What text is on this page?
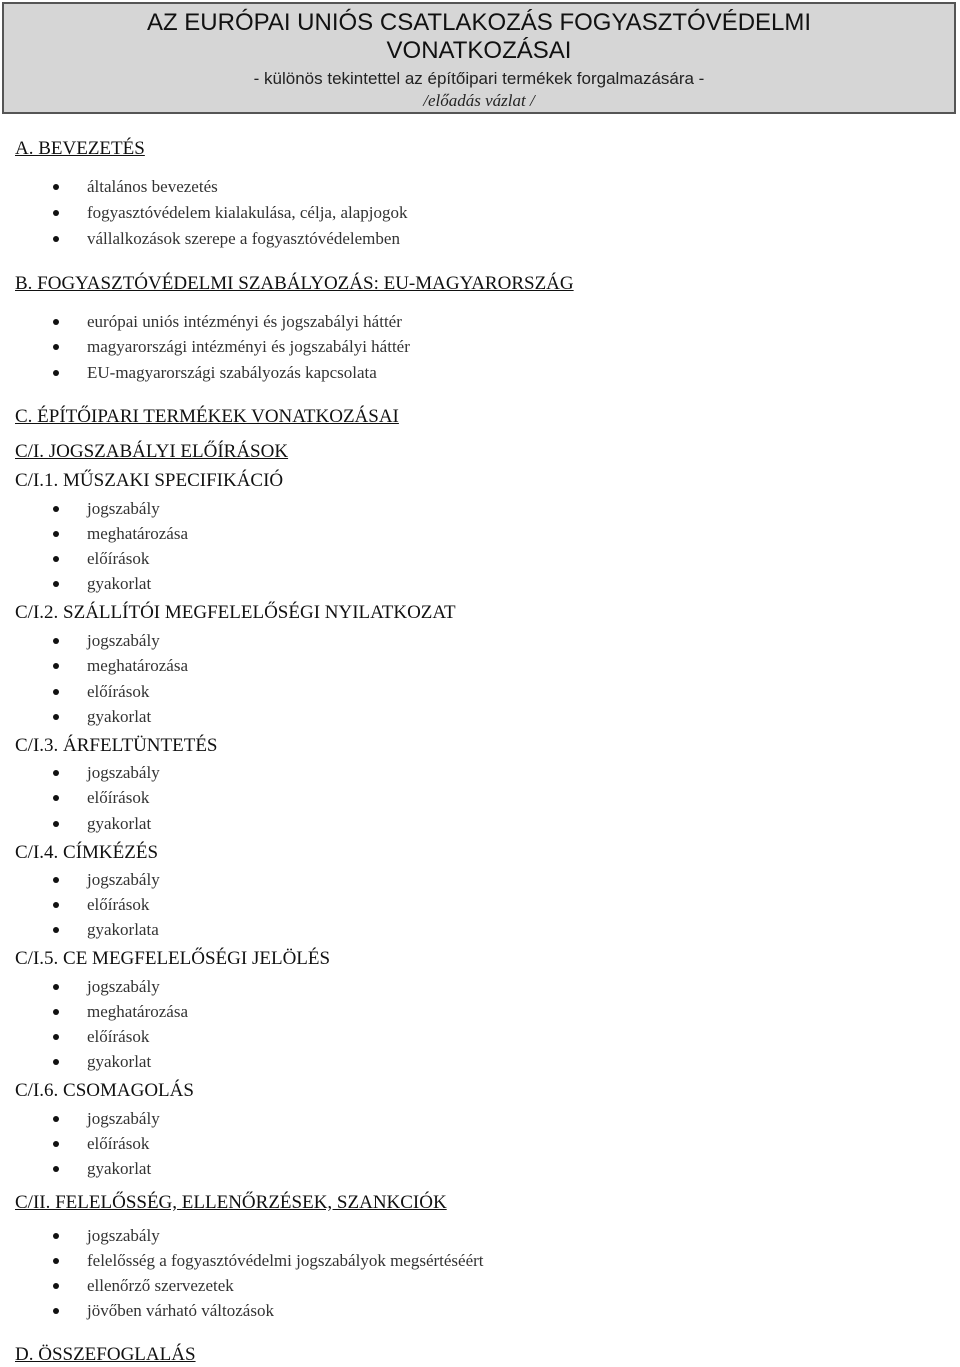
AZ EURÓPAI UNIÓS CSATLAKOZÁS FOGYASZTÓVÉDELMI

VONATKOZÁSAI

- különös tekintettel az építőipari termékek forgalmazására -

/előadás vázlat /

A. BEVEZETÉS

általános bevezetés
fogyasztóvédelem kialakulása, célja, alapjogok
vállalkozások szerepe a fogyasztóvédelemben

B. FOGYASZTÓVÉDELMI SZABÁLYOZÁS: EU-MAGYARORSZÁG

európai uniós intézményi és jogszabályi háttér
magyarországi intézményi és jogszabályi háttér
EU-magyarországi szabályozás kapcsolata

C. ÉPÍTŐIPARI TERMÉKEK VONATKOZÁSAI

C/I. JOGSZABÁLYI ELŐÍRÁSOK

C/I.1. MŰSZAKI SPECIFIKÁCIÓ

jogszabály
meghatározása
előírások
gyakorlat

C/I.2. SZÁLLÍTÓI MEGFELELŐSÉGI NYILATKOZAT

jogszabály
meghatározása
előírások
gyakorlat

C/I.3. ÁRFELTÜNTETÉS

jogszabály
előírások
gyakorlat

C/I.4. CÍMKÉZÉS

jogszabály
előírások
gyakorlata

C/I.5. CE MEGFELELŐSÉGI JELÖLÉS

jogszabály
meghatározása
előírások
gyakorlat

C/I.6. CSOMAGOLÁS

jogszabály
előírások
gyakorlat

C/II. FELELŐSSÉG, ELLENŐRZÉSEK, SZANKCIÓK

jogszabály
felelősség a fogyasztóvédelmi jogszabályok megsértéséért
ellenőrző szervezetek
jövőben várható változások

D. ÖSSZEFOGLALÁS
